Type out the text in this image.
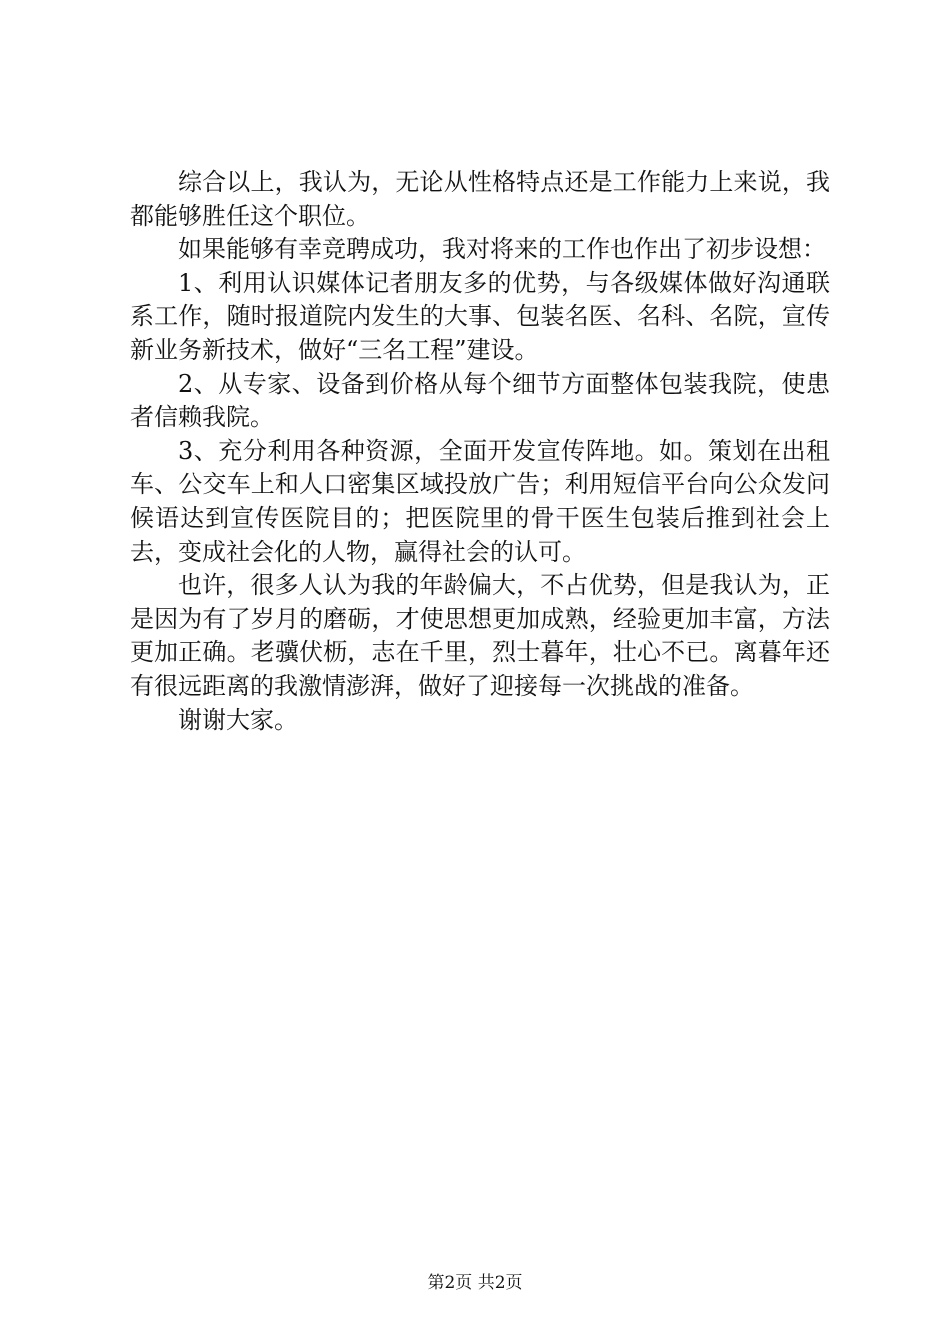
综合以上，我认为，无论从性格特点还是工作能力上来说，我都能够胜任这个职位。

如果能够有幸竞聘成功，我对将来的工作也作出了初步设想：

1、利用认识媒体记者朋友多的优势，与各级媒体做好沟通联系工作，随时报道院内发生的大事、包装名医、名科、名院，宣传新业务新技术，做好“三名工程”建设。

2、从专家、设备到价格从每个细节方面整体包装我院，使患者信赖我院。

3、充分利用各种资源，全面开发宣传阵地。如。策划在出租车、公交车上和人口密集区域投放广告；利用短信平台向公众发问候语达到宣传医院目的；把医院里的骨干医生包装后推到社会上去，变成社会化的人物，赢得社会的认可。

也许，很多人认为我的年龄偏大，不占优势，但是我认为，正是因为有了岁月的磨砺，才使思想更加成熟，经验更加丰富，方法更加正确。老骥伏枥，志在千里，烈士暮年，壮心不已。离暮年还有很远距离的我激情澎湃，做好了迎接每一次挑战的准备。

谢谢大家。

第2页 共2页
